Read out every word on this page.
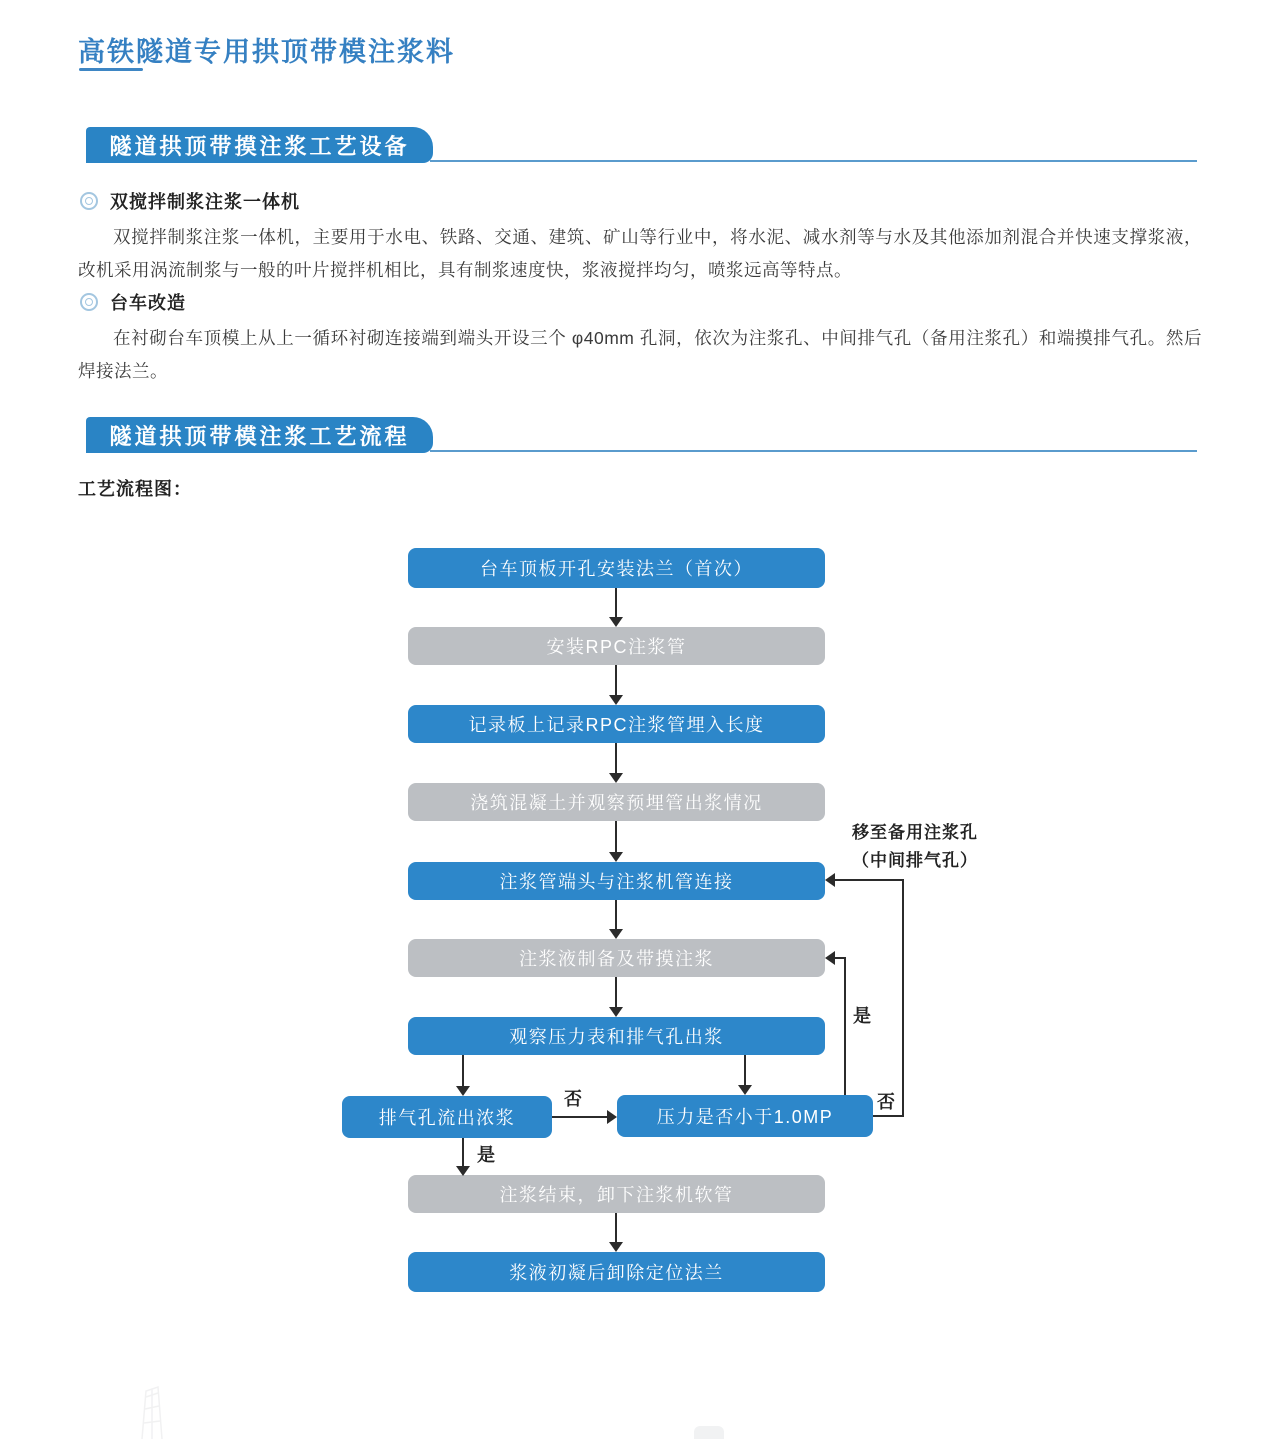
高铁隧道专用拱顶带模注浆料
隧道拱顶带摸注浆工艺设备
双搅拌制浆注浆一体机

双搅拌制浆注浆一体机，主要用于水电、铁路、交通、建筑、矿山等行业中，将水泥、减水剂等与水及其他添加剂混合并快速支撑浆液，改机采用涡流制浆与一般的叶片搅拌机相比，具有制浆速度快，浆液搅拌均匀，喷浆远高等特点。

台车改造

在衬砌台车顶模上从上一循环衬砌连接端到端头开设三个 φ40mm 孔洞，依次为注浆孔、中间排气孔（备用注浆孔）和端摸排气孔。然后焊接法兰。

隧道拱顶带模注浆工艺流程
工艺流程图：
台车顶板开孔安装法兰（首次）
安装RPC注浆管
记录板上记录RPC注浆管埋入长度
浇筑混凝土并观察预埋管出浆情况
注浆管端头与注浆机管连接
注浆液制备及带摸注浆
观察压力表和排气孔出浆
排气孔流出浓浆	压力是否小于1.0MP
注浆结束，卸下注浆机软管
浆液初凝后卸除定位法兰
否
是
是
否
移至备用注浆孔
（中间排气孔）
